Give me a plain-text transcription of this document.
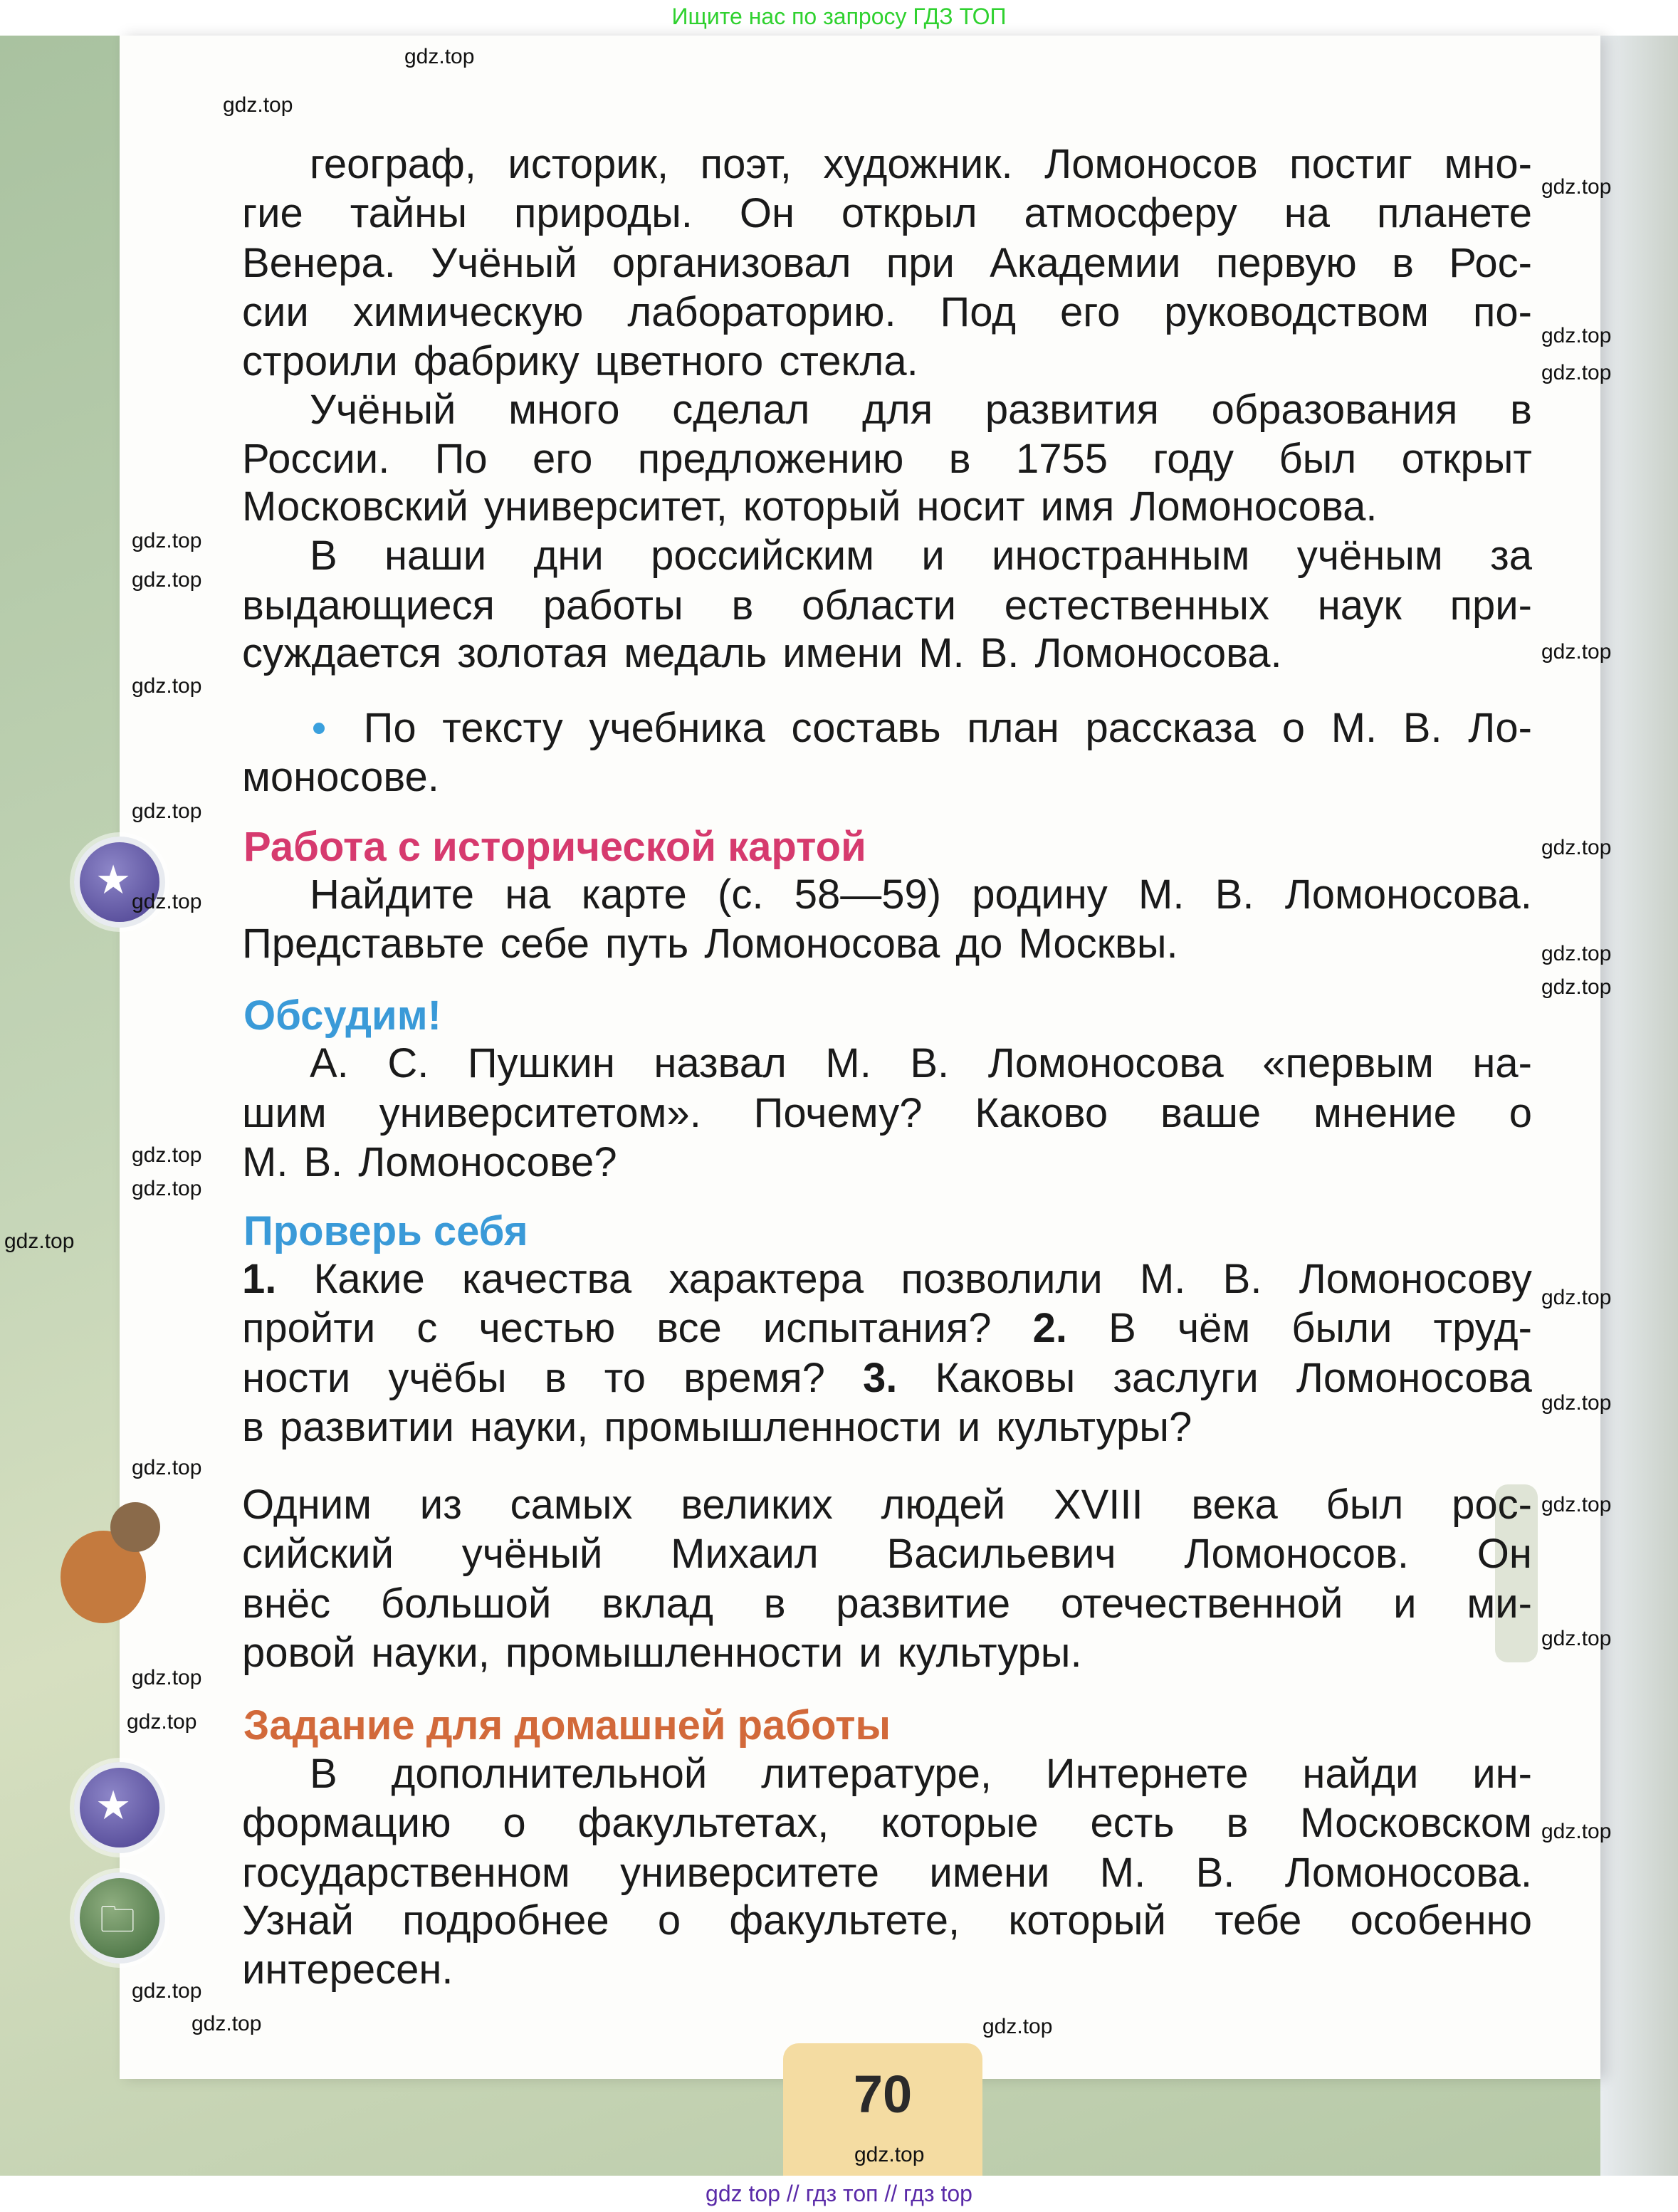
Ищите нас по запросу ГДЗ ТОП
географ, историк, поэт, художник. Ломоносов постиг мно-
гие тайны природы. Он открыл атмосферу на планете
Венера. Учёный организовал при Академии первую в Рос-
сии химическую лабораторию. Под его руководством по-
строили фабрику цветного стекла.
Учёный много сделал для развития образования в
России. По его предложению в 1755 году был открыт
Московский университет, который носит имя Ломоносова.
В наши дни российским и иностранным учёным за
выдающиеся работы в области естественных наук при-
суждается золотая медаль имени М. В. Ломоносова.
По тексту учебника составь план рассказа о М. В. Ло-
моносове.
Найдите на карте (с. 58—59) родину М. В. Ломоносова.
Представьте себе путь Ломоносова до Москвы.
А. С. Пушкин назвал М. В. Ломоносова «первым на-
шим университетом». Почему? Каково ваше мнение о
М. В. Ломоносове?
1. Какие качества характера позволили М. В. Ломоносову
пройти с честью все испытания? 2. В чём были труд-
ности учёбы в то время? 3. Каковы заслуги Ломоносова
в развитии науки, промышленности и культуры?
Одним из самых великих людей XVIII века был рос-
сийский учёный Михаил Васильевич Ломоносов. Он
внёс большой вклад в развитие отечественной и ми-
ровой науки, промышленности и культуры.
В дополнительной литературе, Интернете найди ин-
формацию о факультетах, которые есть в Московском
государственном университете имени М. В. Ломоносова.
Узнай подробнее о факультете, который тебе особенно
интересен.
Работа с исторической картой
Обсудим!
Проверь себя
Задание для домашней работы
★
★
🗀
70
gdz top // гдз топ // гдз top
gdz.top
gdz.top
gdz.top
gdz.top
gdz.top
gdz.top
gdz.top
gdz.top
gdz.top
gdz.top
gdz.top
gdz.top
gdz.top
gdz.top
gdz.top
gdz.top
gdz.top
gdz.top
gdz.top
gdz.top
gdz.top
gdz.top
gdz.top
gdz.top
gdz.top
gdz.top
gdz.top
gdz.top
gdz.top
